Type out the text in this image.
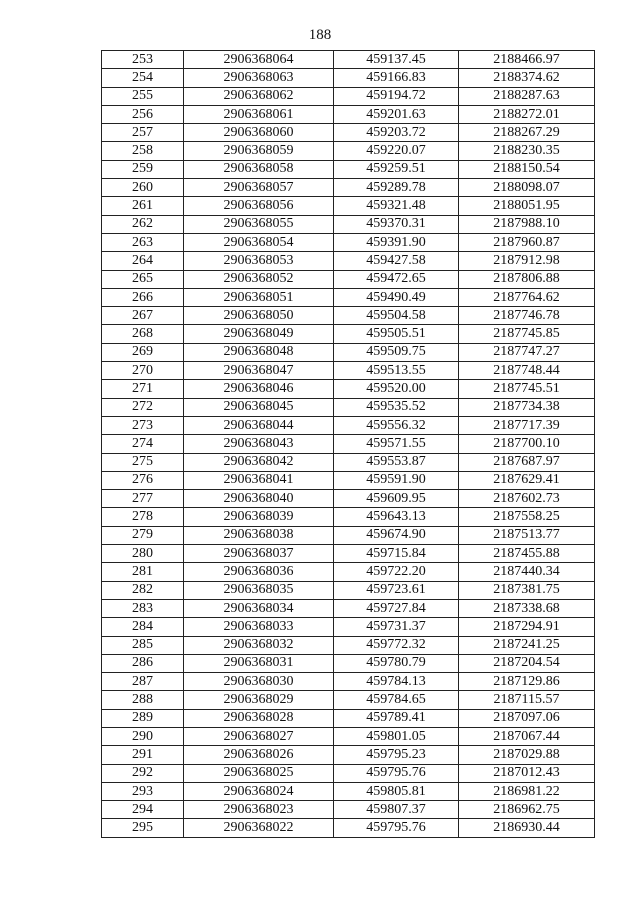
188
253	2906368064	459137.45	2188466.97
254	2906368063	459166.83	2188374.62
255	2906368062	459194.72	2188287.63
256	2906368061	459201.63	2188272.01
257	2906368060	459203.72	2188267.29
258	2906368059	459220.07	2188230.35
259	2906368058	459259.51	2188150.54
260	2906368057	459289.78	2188098.07
261	2906368056	459321.48	2188051.95
262	2906368055	459370.31	2187988.10
263	2906368054	459391.90	2187960.87
264	2906368053	459427.58	2187912.98
265	2906368052	459472.65	2187806.88
266	2906368051	459490.49	2187764.62
267	2906368050	459504.58	2187746.78
268	2906368049	459505.51	2187745.85
269	2906368048	459509.75	2187747.27
270	2906368047	459513.55	2187748.44
271	2906368046	459520.00	2187745.51
272	2906368045	459535.52	2187734.38
273	2906368044	459556.32	2187717.39
274	2906368043	459571.55	2187700.10
275	2906368042	459553.87	2187687.97
276	2906368041	459591.90	2187629.41
277	2906368040	459609.95	2187602.73
278	2906368039	459643.13	2187558.25
279	2906368038	459674.90	2187513.77
280	2906368037	459715.84	2187455.88
281	2906368036	459722.20	2187440.34
282	2906368035	459723.61	2187381.75
283	2906368034	459727.84	2187338.68
284	2906368033	459731.37	2187294.91
285	2906368032	459772.32	2187241.25
286	2906368031	459780.79	2187204.54
287	2906368030	459784.13	2187129.86
288	2906368029	459784.65	2187115.57
289	2906368028	459789.41	2187097.06
290	2906368027	459801.05	2187067.44
291	2906368026	459795.23	2187029.88
292	2906368025	459795.76	2187012.43
293	2906368024	459805.81	2186981.22
294	2906368023	459807.37	2186962.75
295	2906368022	459795.76	2186930.44
